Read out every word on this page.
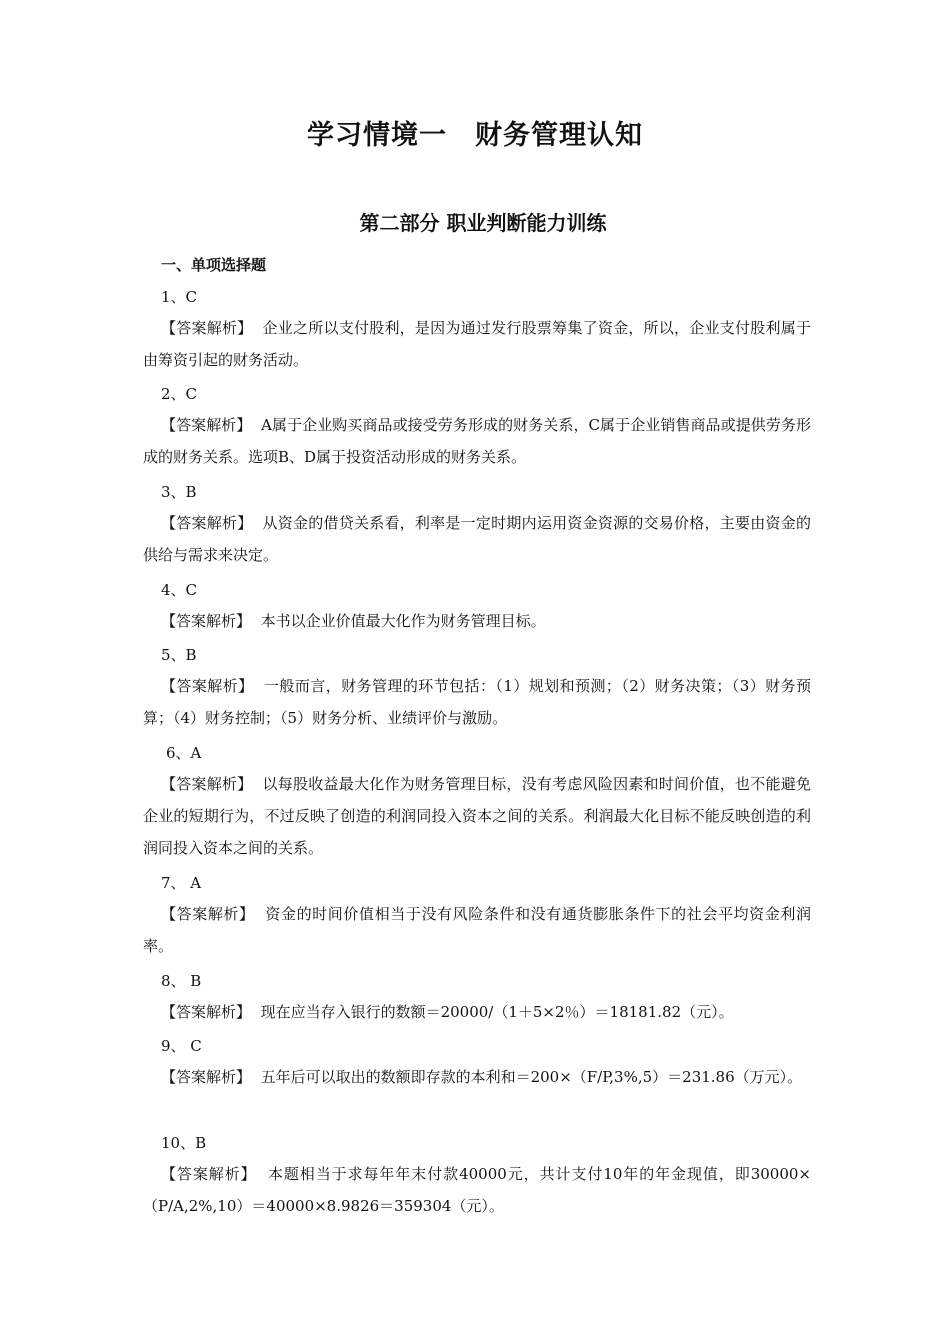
学习情境一　财务管理认知
第二部分 职业判断能力训练
一、单项选择题
1、C
【答案解析】 企业之所以支付股利，是因为通过发行股票筹集了资金，所以，企业支付股利属于由筹资引起的财务活动。
2、C
【答案解析】 A属于企业购买商品或接受劳务形成的财务关系，C属于企业销售商品或提供劳务形成的财务关系。选项B、D属于投资活动形成的财务关系。
3、B
【答案解析】 从资金的借贷关系看，利率是一定时期内运用资金资源的交易价格，主要由资金的供给与需求来决定。
4、C
【答案解析】 本书以企业价值最大化作为财务管理目标。
5、B
【答案解析】 一般而言，财务管理的环节包括：（1）规划和预测；（2）财务决策；（3）财务预算；（4）财务控制；（5）财务分析、业绩评价与激励。
6、A
【答案解析】 以每股收益最大化作为财务管理目标，没有考虑风险因素和时间价值，也不能避免企业的短期行为，不过反映了创造的利润同投入资本之间的关系。利润最大化目标不能反映创造的利润同投入资本之间的关系。
7、 A
【答案解析】 资金的时间价值相当于没有风险条件和没有通货膨胀条件下的社会平均资金利润率。
8、 B
【答案解析】 现在应当存入银行的数额＝20000/（1＋5×2％）＝18181.82（元）。
9、 C
【答案解析】 五年后可以取出的数额即存款的本利和＝200×（F/P,3%,5）＝231.86（万元）。
10、B
【答案解析】 本题相当于求每年年末付款40000元，共计支付10年的年金现值，即30000×（P/A,2%,10）＝40000×8.9826＝359304（元）。
